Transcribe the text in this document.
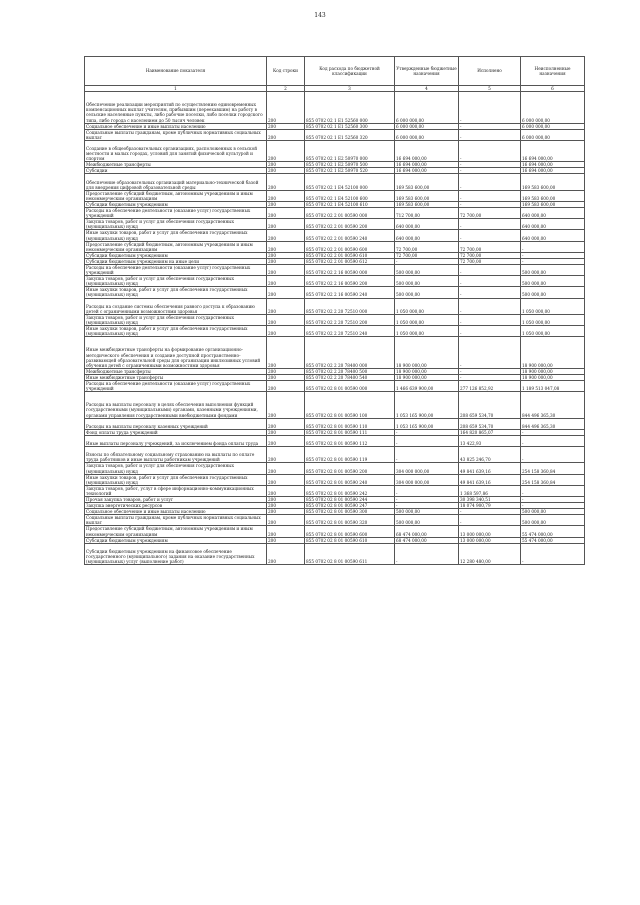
143
Наименование показателя	Код строки	Код расхода по бюджетной классификации	Утвержденные бюджетные назначения	Исполнено	Неисполненные назначения
1	2	3	4	5	6
Обеспечение реализации мероприятий по осуществлению единовременных компенсационных выплат учителям, прибывшим (переехавшим) на работу в сельские населенные пункты, либо рабочие поселки, либо поселки городского типа, либо города с населением до 50 тысяч человек	200	855 0702 02 1 Е1 52560 000	6 000 000,00	-	6 000 000,00
Социальное обеспечение и иные выплаты населению	200	855 0702 02 1 Е1 52560 300	6 000 000,00	-	6 000 000,00
Социальные выплаты гражданам, кроме публичных нормативных социальных выплат	200	855 0702 02 1 Е1 52560 320	6 000 000,00	-	6 000 000,00
Создание в общеобразовательных организациях, расположенных в сельской местности и малых городах, условий для занятий физической культурой и спортом	200	855 0702 02 1 Е2 50970 000	16 694 000,00	-	16 694 000,00
Межбюджетные трансферты	200	855 0702 02 1 Е2 50970 500	16 694 000,00	-	16 694 000,00
Субсидии	200	855 0702 02 1 Е2 50970 520	16 694 000,00	-	16 694 000,00
Обеспечение образовательных организаций материально-технической базой для внедрения цифровой образовательной среды	200	855 0702 02 1 Е4 52100 000	169 583 600,00	-	169 583 600,00
Предоставление субсидий бюджетным, автономным учреждениям и иным некоммерческим организациям	200	855 0702 02 1 Е4 52100 600	169 583 600,00	-	169 583 600,00
Субсидии бюджетным учреждениям	200	855 0702 02 1 Е4 52100 610	169 583 600,00	-	169 583 600,00
Расходы на обеспечение деятельности (оказание услуг) государственных учреждений	200	855 0702 02 2 01 00590 000	712 700,00	72 700,00	640 000,00
Закупка товаров, работ и услуг для обеспечения государственных (муниципальных) нужд	200	855 0702 02 2 01 00590 200	640 000,00	-	640 000,00
Иные закупки товаров, работ и услуг для обеспечения государственных (муниципальных) нужд	200	855 0702 02 2 01 00590 240	640 000,00	-	640 000,00
Предоставление субсидий бюджетным, автономным учреждениям и иным некоммерческим организациям	200	855 0702 02 2 01 00590 600	72 700,00	72 700,00	-
Субсидии бюджетным учреждениям	200	855 0702 02 2 01 00590 610	72 700,00	72 700,00	-
Субсидии бюджетным учреждениям на иные цели	200	855 0702 02 2 01 00590 612	-	72 700,00	-
Расходы на обеспечение деятельности (оказание услуг) государственных учреждений	200	855 0702 02 2 16 00590 000	500 000,00	-	500 000,00
Закупка товаров, работ и услуг для обеспечения государственных (муниципальных) нужд	200	855 0702 02 2 16 00590 200	500 000,00	-	500 000,00
Иные закупки товаров, работ и услуг для обеспечения государственных (муниципальных) нужд	200	855 0702 02 2 16 00590 240	500 000,00	-	500 000,00
Расходы на создание системы обеспечения равного доступа к образованию детей с ограниченными возможностями здоровья	200	855 0702 02 2 20 72510 000	1 050 000,00	-	1 050 000,00
Закупка товаров, работ и услуг для обеспечения государственных (муниципальных) нужд	200	855 0702 02 2 20 72510 200	1 050 000,00	-	1 050 000,00
Иные закупки товаров, работ и услуг для обеспечения государственных (муниципальных) нужд	200	855 0702 02 2 20 72510 240	1 050 000,00	-	1 050 000,00
Иные межбюджетные трансферты на формирование организационно-методического обеспечения и создание доступной пространственно-развивающей образовательной среды для организации инклюзивных условий обучения детей с ограниченными возможностями здоровья	200	855 0702 02 2 20 78400 000	18 900 000,00	-	18 900 000,00
Межбюджетные трансферты	200	855 0702 02 2 20 78400 500	18 900 000,00	-	18 900 000,00
Иные межбюджетные трансферты	200	855 0702 02 2 20 78400 540	18 900 000,00	-	18 900 000,00
Расходы на обеспечение деятельности (оказание услуг) государственных учреждений	200	855 0702 02 8 01 00590 000	1 466 639 900,00	277 126 852,92	1 189 513 047,08
Расходы на выплаты персоналу в целях обеспечения выполнения функций государственными (муниципальными) органами, казенными учреждениями, органами управления государственными внебюджетными фондами	200	855 0702 02 8 01 00590 100	1 053 165 900,00	208 659 534,70	844 496 365,30
Расходы на выплаты персоналу казенных учреждений	200	855 0702 02 8 01 00590 110	1 053 165 900,00	208 659 534,70	844 496 365,30
Фонд оплаты труда учреждений	200	855 0702 02 8 01 00590 111	-	164 820 865,07	-
Иные выплаты персоналу учреждений, за исключением фонда оплаты труда	200	855 0702 02 8 01 00590 112	-	13 422,93	-
Взносы по обязательному социальному страхованию на выплаты по оплате труда работников и иные выплаты работникам учреждений	200	855 0702 02 8 01 00590 119	-	43 825 246,70	-
Закупка товаров, работ и услуг для обеспечения государственных (муниципальных) нужд	200	855 0702 02 8 01 00590 200	304 000 000,00	49 841 639,16	254 158 360,84
Иные закупки товаров, работ и услуг для обеспечения государственных (муниципальных) нужд	200	855 0702 02 8 01 00590 240	304 000 000,00	49 841 639,16	254 158 360,84
Закупка товаров, работ, услуг в сфере информационно-коммуникационных технологий	200	855 0702 02 8 01 00590 242	-	1 368 597,86	-
Прочая закупка товаров, работ и услуг	200	855 0702 02 8 01 00590 244	-	30 398 340,51	-
Закупка энергетических ресурсов	200	855 0702 02 8 01 00590 247	-	18 074 900,79	-
Социальное обеспечение и иные выплаты населению	200	855 0702 02 8 01 00590 300	500 000,00	-	500 000,00
Социальные выплаты гражданам, кроме публичных нормативных социальных выплат	200	855 0702 02 8 01 00590 320	500 000,00	-	500 000,00
Предоставление субсидий бюджетным, автономным учреждениям и иным некоммерческим организациям	200	855 0702 02 8 01 00590 600	68 474 000,00	13 000 000,00	55 474 000,00
Субсидии бюджетным учреждениям	200	855 0702 02 8 01 00590 610	68 474 000,00	13 000 000,00	55 474 000,00
Субсидии бюджетным учреждениям на финансовое обеспечение государственного (муниципального) задания на оказание государственных (муниципальных) услуг (выполнение работ)	200	855 0702 02 8 01 00590 611	-	12 280 480,00	-
